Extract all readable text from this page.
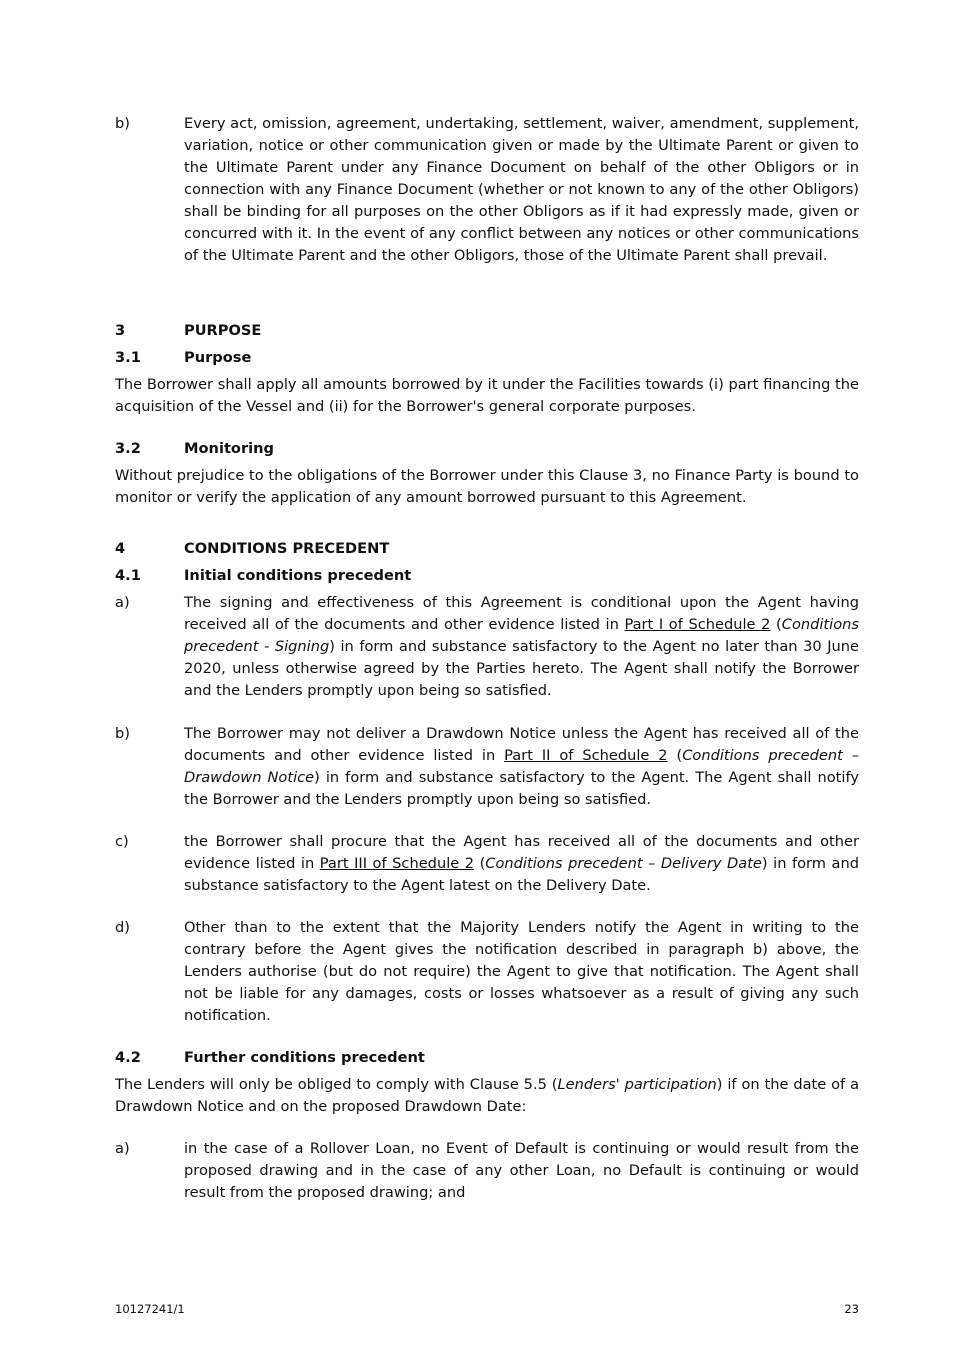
b)	Every act, omission, agreement, undertaking, settlement, waiver, amendment, supplement, variation, notice or other communication given or made by the Ultimate Parent or given to the Ultimate Parent under any Finance Document on behalf of the other Obligors or in connection with any Finance Document (whether or not known to any of the other Obligors) shall be binding for all purposes on the other Obligors as if it had expressly made, given or concurred with it. In the event of any conflict between any notices or other communications of the Ultimate Parent and the other Obligors, those of the Ultimate Parent shall prevail.
3	PURPOSE
3.1	Purpose
The Borrower shall apply all amounts borrowed by it under the Facilities towards (i) part financing the acquisition of the Vessel and (ii) for the Borrower's general corporate purposes.
3.2	Monitoring
Without prejudice to the obligations of the Borrower under this Clause 3, no Finance Party is bound to monitor or verify the application of any amount borrowed pursuant to this Agreement.
4	CONDITIONS PRECEDENT
4.1	Initial conditions precedent
a)	The signing and effectiveness of this Agreement is conditional upon the Agent having received all of the documents and other evidence listed in Part I of Schedule 2 (Conditions precedent - Signing) in form and substance satisfactory to the Agent no later than 30 June 2020, unless otherwise agreed by the Parties hereto. The Agent shall notify the Borrower and the Lenders promptly upon being so satisfied.
b)	The Borrower may not deliver a Drawdown Notice unless the Agent has received all of the documents and other evidence listed in Part II of Schedule 2 (Conditions precedent – Drawdown Notice) in form and substance satisfactory to the Agent. The Agent shall notify the Borrower and the Lenders promptly upon being so satisfied.
c)	the Borrower shall procure that the Agent has received all of the documents and other evidence listed in Part III of Schedule 2 (Conditions precedent – Delivery Date) in form and substance satisfactory to the Agent latest on the Delivery Date.
d)	Other than to the extent that the Majority Lenders notify the Agent in writing to the contrary before the Agent gives the notification described in paragraph b) above, the Lenders authorise (but do not require) the Agent to give that notification. The Agent shall not be liable for any damages, costs or losses whatsoever as a result of giving any such notification.
4.2	Further conditions precedent
The Lenders will only be obliged to comply with Clause 5.5 (Lenders' participation) if on the date of a Drawdown Notice and on the proposed Drawdown Date:
a)	in the case of a Rollover Loan, no Event of Default is continuing or would result from the proposed drawing and in the case of any other Loan, no Default is continuing or would result from the proposed drawing; and
10127241/1	23
